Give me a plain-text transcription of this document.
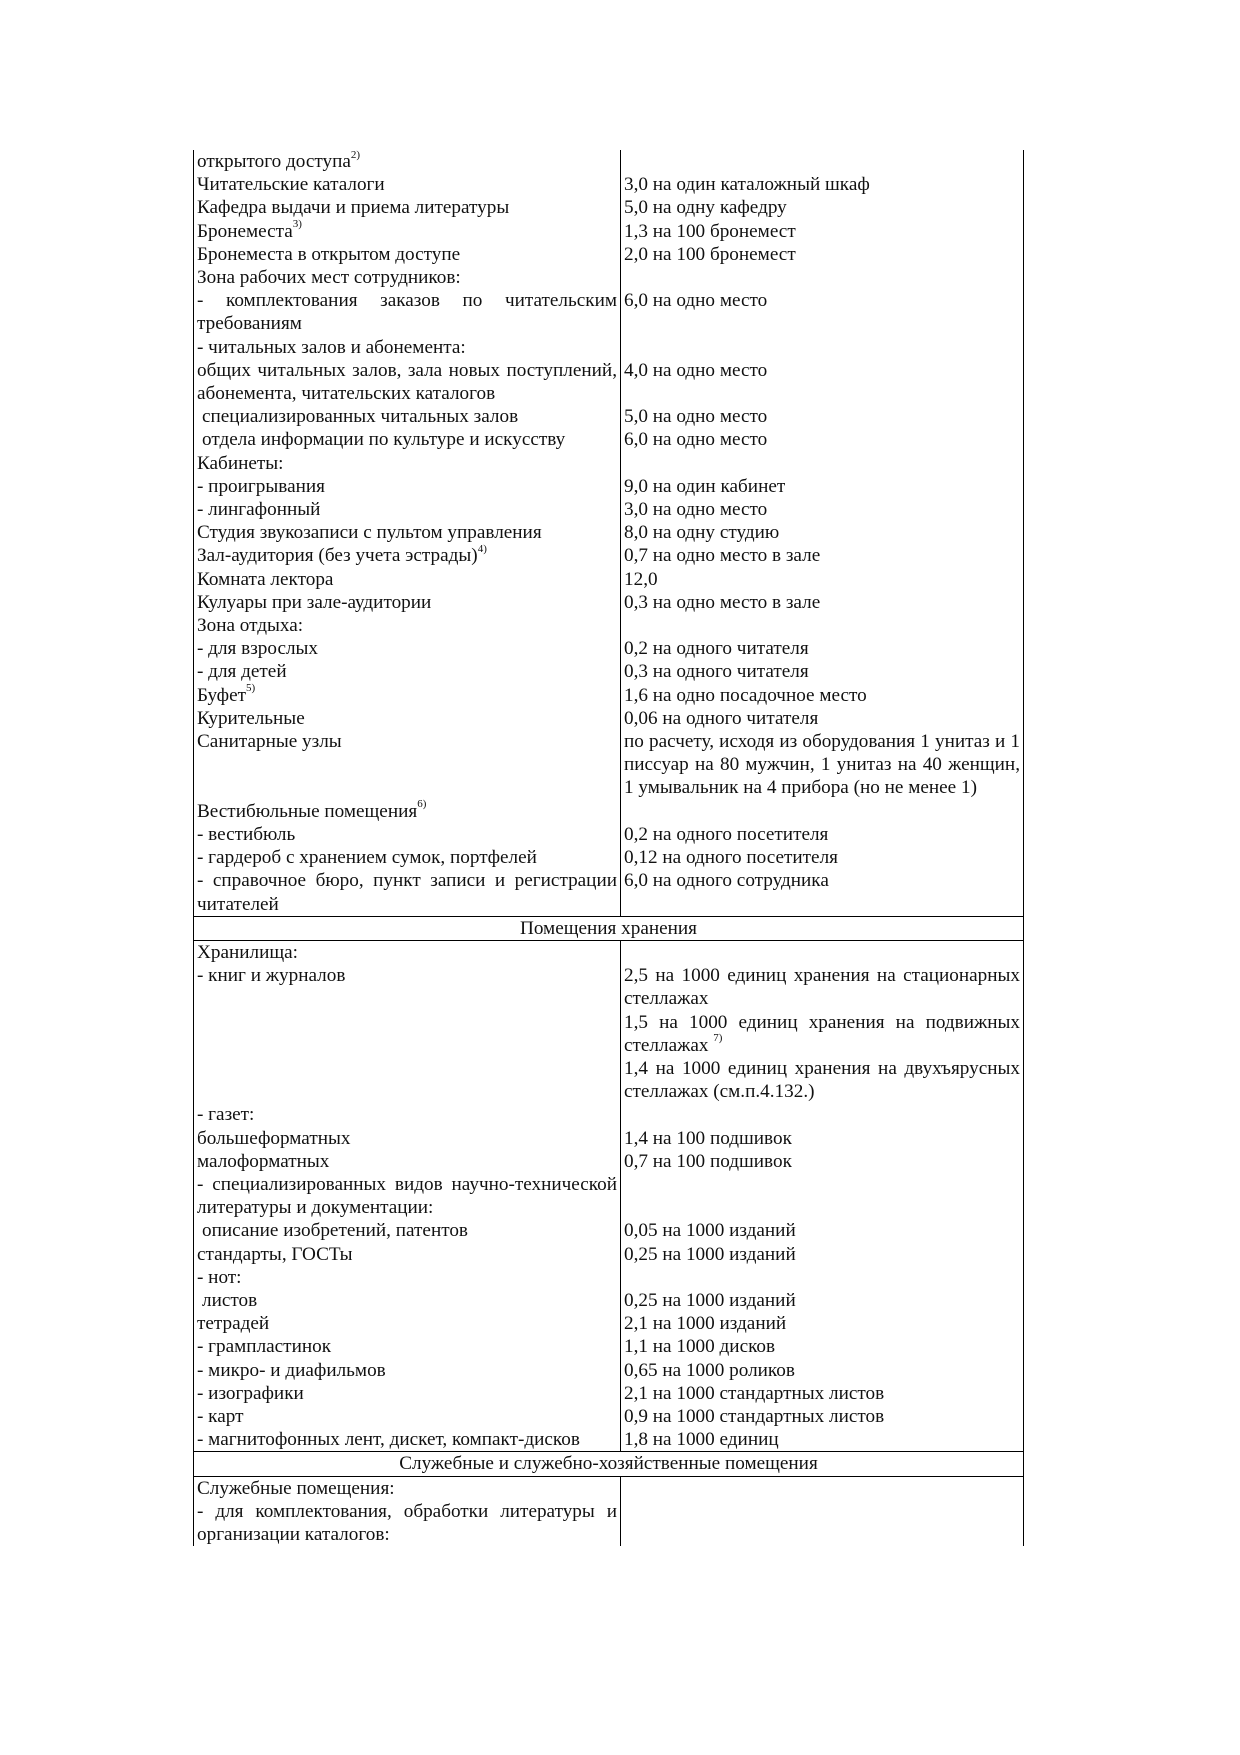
открытого доступа$^{2)}$	
Читательские каталоги	3,0 на один каталожный шкаф
Кафедра выдачи и приема литературы	5,0 на одну кафедру
Бронеместа$^{3)}$	1,3 на 100 бронемест
Бронеместа в открытом доступе	2,0 на 100 бронемест
Зона рабочих мест сотрудников:	
- комплектования заказов по читательским требованиям	6,0 на одно место
- читальных залов и абонемента:	
общих читальных залов, зала новых поступлений, абонемента, читательских каталогов	4,0 на одно место
специализированных читальных залов	5,0 на одно место
отдела информации по культуре и искусству	6,0 на одно место
Кабинеты:	
- проигрывания	9,0 на один кабинет
- лингафонный	3,0 на одно место
Студия звукозаписи с пультом управления	8,0 на одну студию
Зал-аудитория (без учета эстрады)$^{4)}$	0,7 на одно место в зале
Комната лектора	12,0
Кулуары при зале-аудитории	0,3 на одно место в зале
Зона отдыха:	
- для взрослых	0,2 на одного читателя
- для детей	0,3 на одного читателя
Буфет$^{5)}$	1,6 на одно посадочное место
Курительные	0,06 на одного читателя
Санитарные узлы	по расчету, исходя из оборудования 1 унитаз и 1 писсуар на 80 мужчин, 1 унитаз на 40 женщин, 1 умывальник на 4 прибора (но не менее 1)
Вестибюльные помещения$^{6)}$	
- вестибюль	0,2 на одного посетителя
- гардероб с хранением сумок, портфелей	0,12 на одного посетителя
- справочное бюро, пункт записи и регистрации читателей	6,0 на одного сотрудника
Помещения хранения	
Хранилища:	
- книг и журналов	2,5 на 1000 единиц хранения на стационарных стеллажах
	1,5 на 1000 единиц хранения на подвижных стеллажах $^{7)}$
	1,4 на 1000 единиц хранения на двухъярусных стеллажах (см.п.4.132.)
- газет:	
большеформатных	1,4 на 100 подшивок
малоформатных	0,7 на 100 подшивок
- специализированных видов научно-технической литературы и документации:	
описание изобретений, патентов	0,05 на 1000 изданий
стандарты, ГОСТы	0,25 на 1000 изданий
- нот:	
листов	0,25 на 1000 изданий
тетрадей	2,1 на 1000 изданий
- грампластинок	1,1 на 1000 дисков
- микро- и диафильмов	0,65 на 1000 роликов
- изографики	2,1 на 1000 стандартных листов
- карт	0,9 на 1000 стандартных листов
- магнитофонных лент, дискет, компакт-дисков	1,8 на 1000 единиц
Служебные и служебно-хозяйственные помещения	
Служебные помещения:	
- для комплектования, обработки литературы и организации каталогов:	
